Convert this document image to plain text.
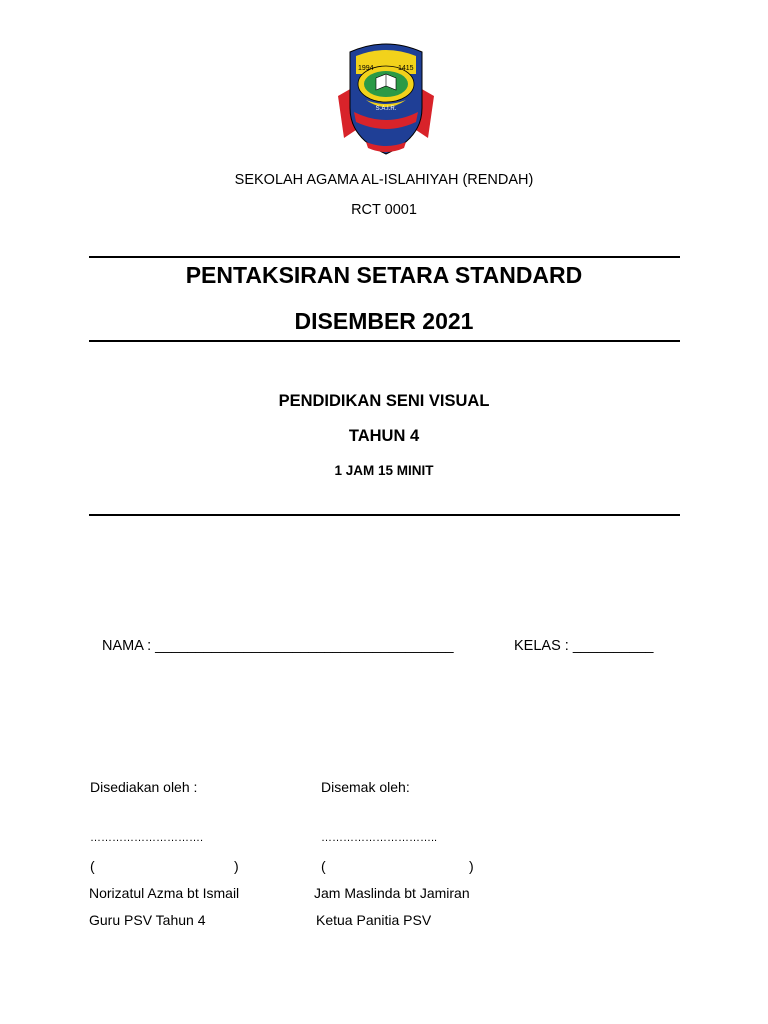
1994	1415
S.A.I.R.
SEKOLAH AGAMA AL-ISLAHIYAH (RENDAH)
RCT 0001
PENTAKSIRAN SETARA STANDARD
DISEMBER 2021
PENDIDIKAN SENI VISUAL
TAHUN 4
1 JAM 15 MINIT
NAMA : _____________________________________	KELAS : __________
Disediakan oleh :
………………………….
(	)
Norizatul Azma bt Ismail
Guru PSV Tahun 4
Disemak oleh:
…………………………..
(	)
Jam Maslinda bt Jamiran
Ketua Panitia PSV
